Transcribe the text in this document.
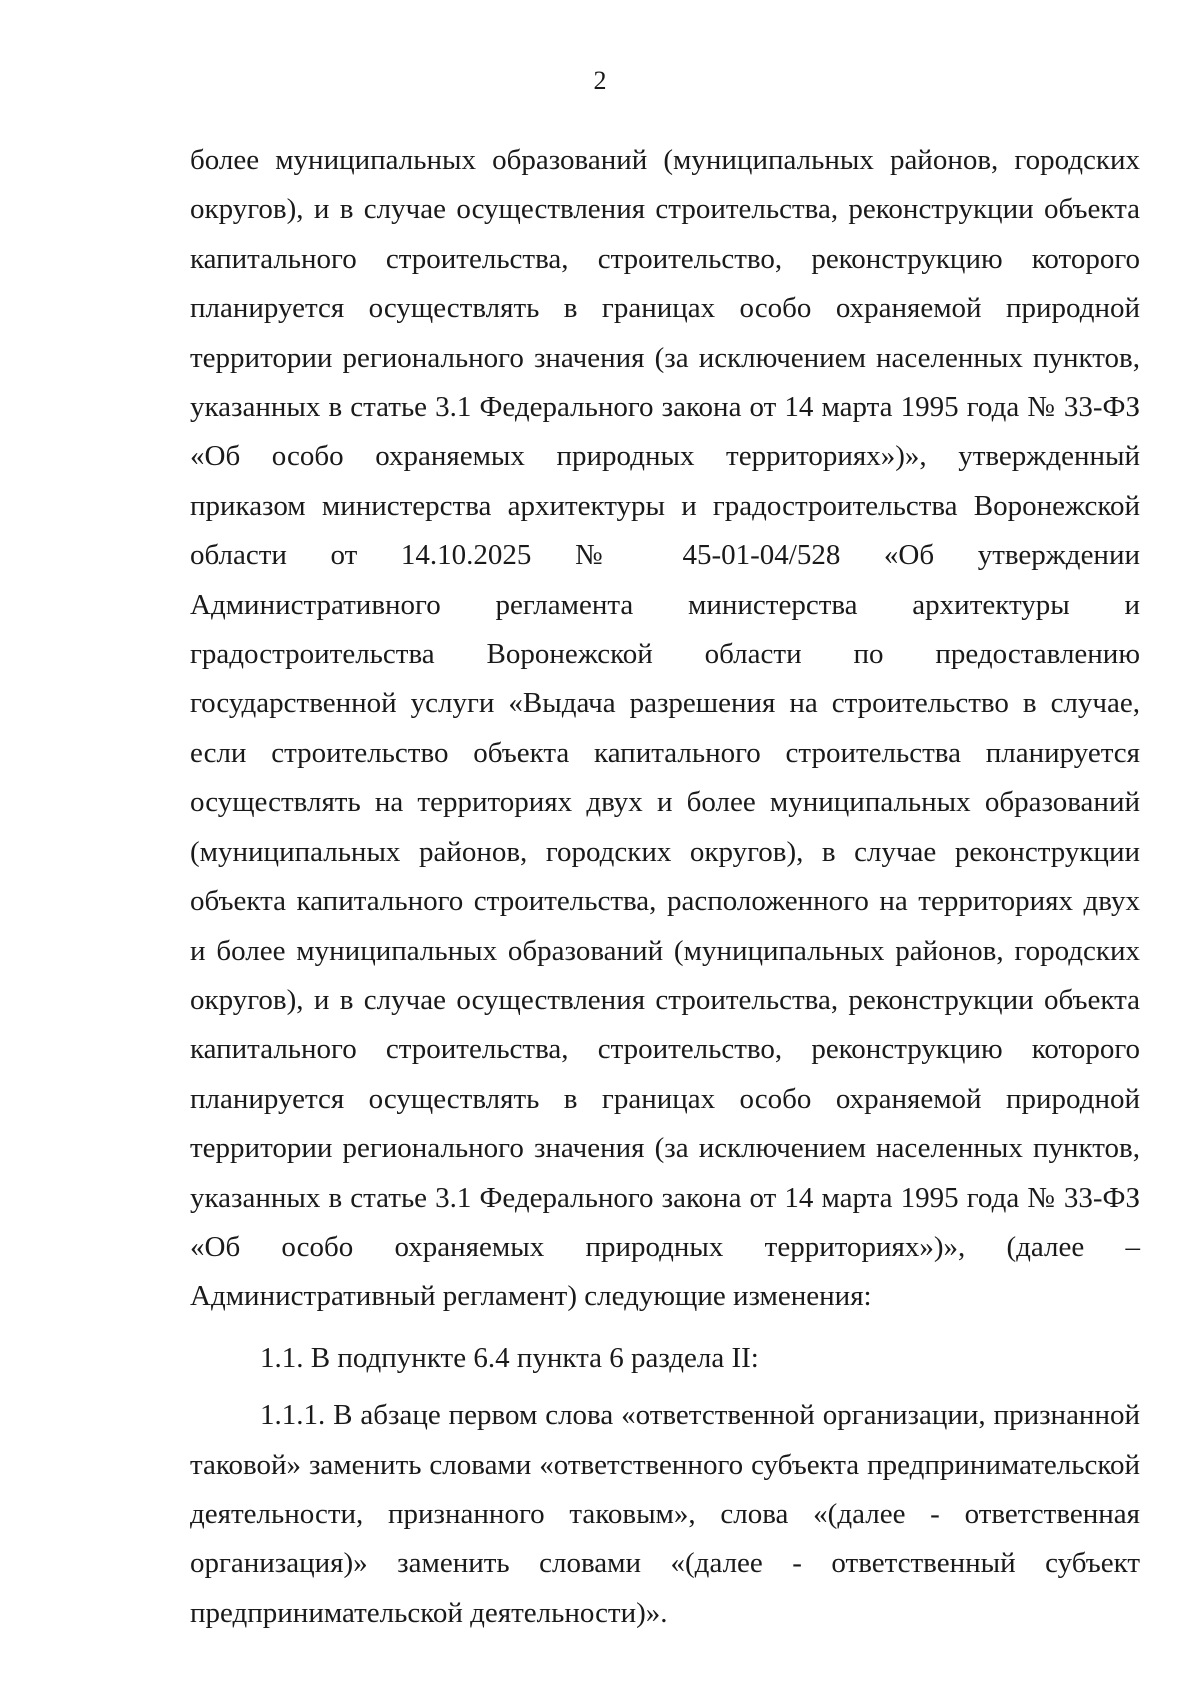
2

более муниципальных образований (муниципальных районов, городских округов), и в случае осуществления строительства, реконструкции объекта капитального строительства, строительство, реконструкцию которого планируется осуществлять в границах особо охраняемой природной территории регионального значения (за исключением населенных пунктов, указанных в статье 3.1 Федерального закона от 14 марта 1995 года № 33-ФЗ «Об особо охраняемых природных территориях»)», утвержденный приказом министерства архитектуры и градостроительства Воронежской области от 14.10.2025 № 45-01-04/528 «Об утверждении Административного регламента министерства архитектуры и градостроительства Воронежской области по предоставлению государственной услуги «Выдача разрешения на строительство в случае, если строительство объекта капитального строительства планируется осуществлять на территориях двух и более муниципальных образований (муниципальных районов, городских округов), в случае реконструкции объекта капитального строительства, расположенного на территориях двух и более муниципальных образований (муниципальных районов, городских округов), и в случае осуществления строительства, реконструкции объекта капитального строительства, строительство, реконструкцию которого планируется осуществлять в границах особо охраняемой природной территории регионального значения (за исключением населенных пунктов, указанных в статье 3.1 Федерального закона от 14 марта 1995 года № 33-ФЗ «Об особо охраняемых природных территориях»)», (далее – Административный регламент) следующие изменения:

1.1. В подпункте 6.4 пункта 6 раздела II:

1.1.1. В абзаце первом слова «ответственной организации, признанной таковой» заменить словами «ответственного субъекта предпринимательской деятельности, признанного таковым», слова «(далее - ответственная организация)» заменить словами «(далее - ответственный субъект предпринимательской деятельности)».
